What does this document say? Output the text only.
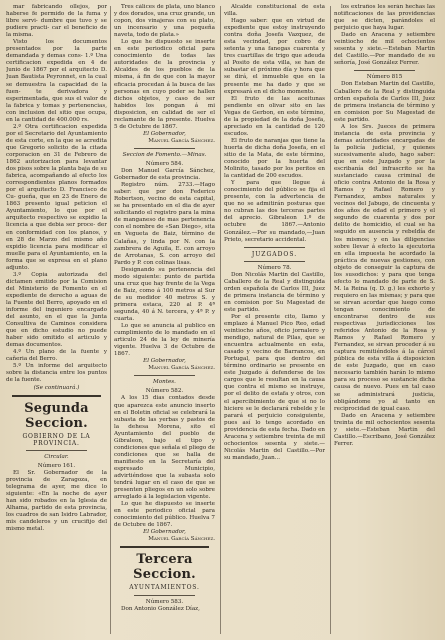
mar fabricando ollejos, por haberse fe permido de la fuma y libre servi- dumbre que tuvo y se pudiere practi- car el beneficio de la misma.

Visto los documentos presentados por la parte demandada y demas cons- 1.º Una certificacion expedida en 4 de Junio de 1867 por el arquitecto D. Juan Bautista Peyronnet, en la cual se demuestra la capacidad de la fuen- te derivadora y esperimentada, que sus el valor de la fabrica y tomas y pertenencias, con inclusion del sitio que ocupa, en la cantidad de 400.000 rs.

2.º Otra certificacion expedida por el Secretario del Ayuntamiento de esta corte, en la que se acredita que Gregorio solicito de la citada corporacion en 31 de Febrero de 1862 autorizacion para levantar dos pisos sobre la planta baja de su fabrica, acompañando al efecto los correspondientes planos formados por el arquitecto D. Francisco de Cu- gueña, que en 23 de Enero de 1863 presento igual peticion el Ayuntamiento, lo que por el arquitecto respectivo se expidio la licencia a que debia ser proce- der en conformidad con los planos, y en 28 de Marzo del mismo año expidio licencia para modificar el muelle para el Ayuntamiento, en la forma que se expresa en el plano adjunto.

3.º Copia autorizada del dictamen emitido por la Comision del Ministerio de Fomento en el expediente de derecho a aguas de la Fuente del Berro, apoyado en el informe del ingeniero encargado del asunto, en el que la Junta Consultiva de Caminos considera que en dicho estudio no puede haber sido omitido el articulo y demas documentos.

4.º Un plano de la fuente y cañeria del Berro.

5.º Un informe del arquitecto sobre la distancia entre los puntos de la fuente.

(Se continuará.)

Segunda Seccion.
GOBIERNO DE LA PROVINCIA.

Circular.

Número 161.

El Sr. Gobernador de la provincia de Zaragoza, en telegrama de ayer, me dice lo siguiente: «En la noche de ayer han sido robados en la Iglesia de Alhama, partido de esta provincia, los cuadros de san Isidro Labrador, mis candeleros y un crucifijo del mismo metal.

Tres cálices de plata, uno blanco y dos dorados, una cruz grande, un copon, dos vinajeras con su plato, un incensario y una pequeña naveta, todo de plata.»

Lo que he dispuesto se inserte en este periodico oficial para conocimiento de todas las autoridades de la provincia y Alcaldes de los pueblos de la misma, á fin de que con la mayor eficacia procedan á la busca de las personas en cuyo poder se hallen dichos objetos, y caso de ser habidos los pongan á mi disposicion, en calidad de ser el reclamante de la presente. Huelva 5 de Octubre de 1867.

El Gobernador,

Manuel García Sánchez.

Seccion de Fomento.—Minas.

Número 584.

Don Manuel García Sánchez, Gobernador de esta provincia.

Registro núm. 2733.—Hago saber: que por don Federico Robertson, vecino de esta capital, se ha presentado en el dia de ayer solicitando el registro para la mina de manganeso de mas pertenencia con el nombre de «San Diego», sita en Vegueta de Baiz, término de Calañas, y linda por N. con la zambrera de Aguila, E. con arroyo de Arrotanas, S. con arroyo del Pardo y P. con colinas lisas.

Designando su pertenencia del modo siguiente: punto de partida una cruz que hay frente de la Vega de Baiz, como á 100 metros al Sur de su medidor 40 metros S. y primera estaca, 220 al P. 4ª segunda, 40 á N. tercera, y 4ª P. y cuarta.

Lo que se anuncia al publico en cumplimiento de lo mandado en el articulo 24 de la ley de minería vigente. Huelva 3 de Octubre de 1867.

El Gobernador,

Manuel García Sánchez.

Montes.

Número 582.

A los 15 dias contados desde que aparezca este anuncio inserto en el Boletin oficial se celebrará la subasta de las yerbas y pastos de la dehesa Morena, sito el Ayuntamiento del pueblo de Gibraleon, bajo el tipo y condiciones que señala el pliego de condiciones que se halla de manifiesto en la Secretaría del espresado Municipio, advirtiéndose que la subasta solo tendrá lugar en el caso de que se presenten pliegos en un solo sobre arreglado á la legislacion vigente.

Lo que he dispuesto se inserte en este periodico oficial para conocimiento del público. Huelva 7 de Octubre de 1867.

El Gobernador,

Manuel García Sánchez.

Tercera Seccion.
AYUNTAMIENTOS.

Número 583.

Don Antonio González Díaz,

Alcalde constitucional de esta villa.

Hago saber: que en virtud de expediente que estoy instruyendo contra doña Josefa Vazquez, de esta vecindad, por cobro de setenta y una fanegas cuarenta y tres cuartillas de trigo que adeuda al Posito de esta villa, se han de subastar el próximo día y hora que se dirá, el inmueble que en la presente me ha dado y que se expresará en el dicho momento.

El fruto de las aceitunas pendiente en olivar sito en las Vegas de Gerbon, en este término, de la propiedad de la doña Josefa, apreciado en la cantidad de 120 escudos.

El fruto de naranjas que tiene la huerta de dicha doña Josefa, en el sitio de la Mata, de este término, conocido por la huerta del Molinito, tasado por los peritos en la cantidad de 200 escudos.

Y para que llegue á conocimiento del público se fija el presente, con la advertencia de que no se admitirán posturas que no cubran las dos terceras partes del aprecio. Gibraleon 1.º de octubre de 1867.—Antonio González.—Por su mandado,—Juan Prieto, secretario accidental.

JUZGADOS.

Número 78.

Don Nicolás Martin del Castillo, Caballero de la Real y distinguida orden española de Carlos III, Juez de primera instancia de término y en comision por Su Magestad de este partido.

Por el presente cito, llamo y emplazo á Manuel Pico Reo, edad veintiocho años, oficio jornalero y mendigo, natural de Pilas, que se encuentra actualmente en esta, casado y vecino de Barrancos, en Portugal, para que dentro del término ordinario se presente en este Juzgado á defenderse de los cargos que le resultan en la causa que contra el mismo se instruye, por el delito de estafa y otros, con el apercibimiento de que si no lo hiciere se le declarará rebelde y le parará el perjuicio consiguiente, pues así lo tengo acordado en providencia de esta fecha. Dado en Aracena y setiembre treinta de mil ochocientos sesenta y siete.—Nicolás Martin del Castillo.—Por su mandado, Juan...

los extraños les serán hechas las notificaciones de las providencias que se dicten, parándoles el perjuicio que haya lugar.

Dado en Aracena y setiembre veintiocho de mil ochocientos sesenta y siete.—Esteban Martin del Castillo.—Por mandado de su señoría, José González Ferrer.

Número 815

Don Esteban Martin del Castillo, Caballero de la Real y distinguida orden española de Carlos III, Juez de primera instancia de término y en comision por Su Magestad de este partido.

A los Srs. Jueces de primera instancia de esta provincia y demas autoridades encargadas de la policía judicial, y quienes sucesivamente aludo, hago saber: que en este Juzgado y por la escribanía del infrascrito se ha sustanciado causa criminal de oficio contra Antonio de la Rosa y Ramos y Rafael Romero y Fernandez, ambos naturales y vecinos del Jabugo, de cincuenta y dos años de edad el primero y el segundo de cuarenta y dos por delito de homicidio, el cual se ha seguido en ausencia y rebeldía de los mismos; y en las diligencias sobre llevar á efecto la ejecutoria en ella impuesta he acordado la práctica de nuevas gestiones, con objeto de conseguir la captura de los susodichos: y para que tenga efecto lo mandado de parte de S. M. la Reina (q. D. g.) les exhorto y requiero en las mismas; y para que se sirvan acordar que luego como tengan conocimiento de encontrarse dentro de sus respectivas jurisdicciones los referidos Antonio de la Rosa y Ramos y Rafael Romero y Fernandez, se sirvan proceder á su captura remitiéndolos á la cárcel pública de esta villa á disposicion de este Juzgado, que en caso necesario también harán lo mismo para su proceso se sustancie dicha causa de nuevo. Pues en tal caso se administrará justicia, obligándome yo al tanto en reciprocidad de igual caso.

Dado en Aracena y setiembre treinta de mil ochocientos sesenta y siete.—Esteban Martin del Castillo.—Escribano, José González Ferrer.
